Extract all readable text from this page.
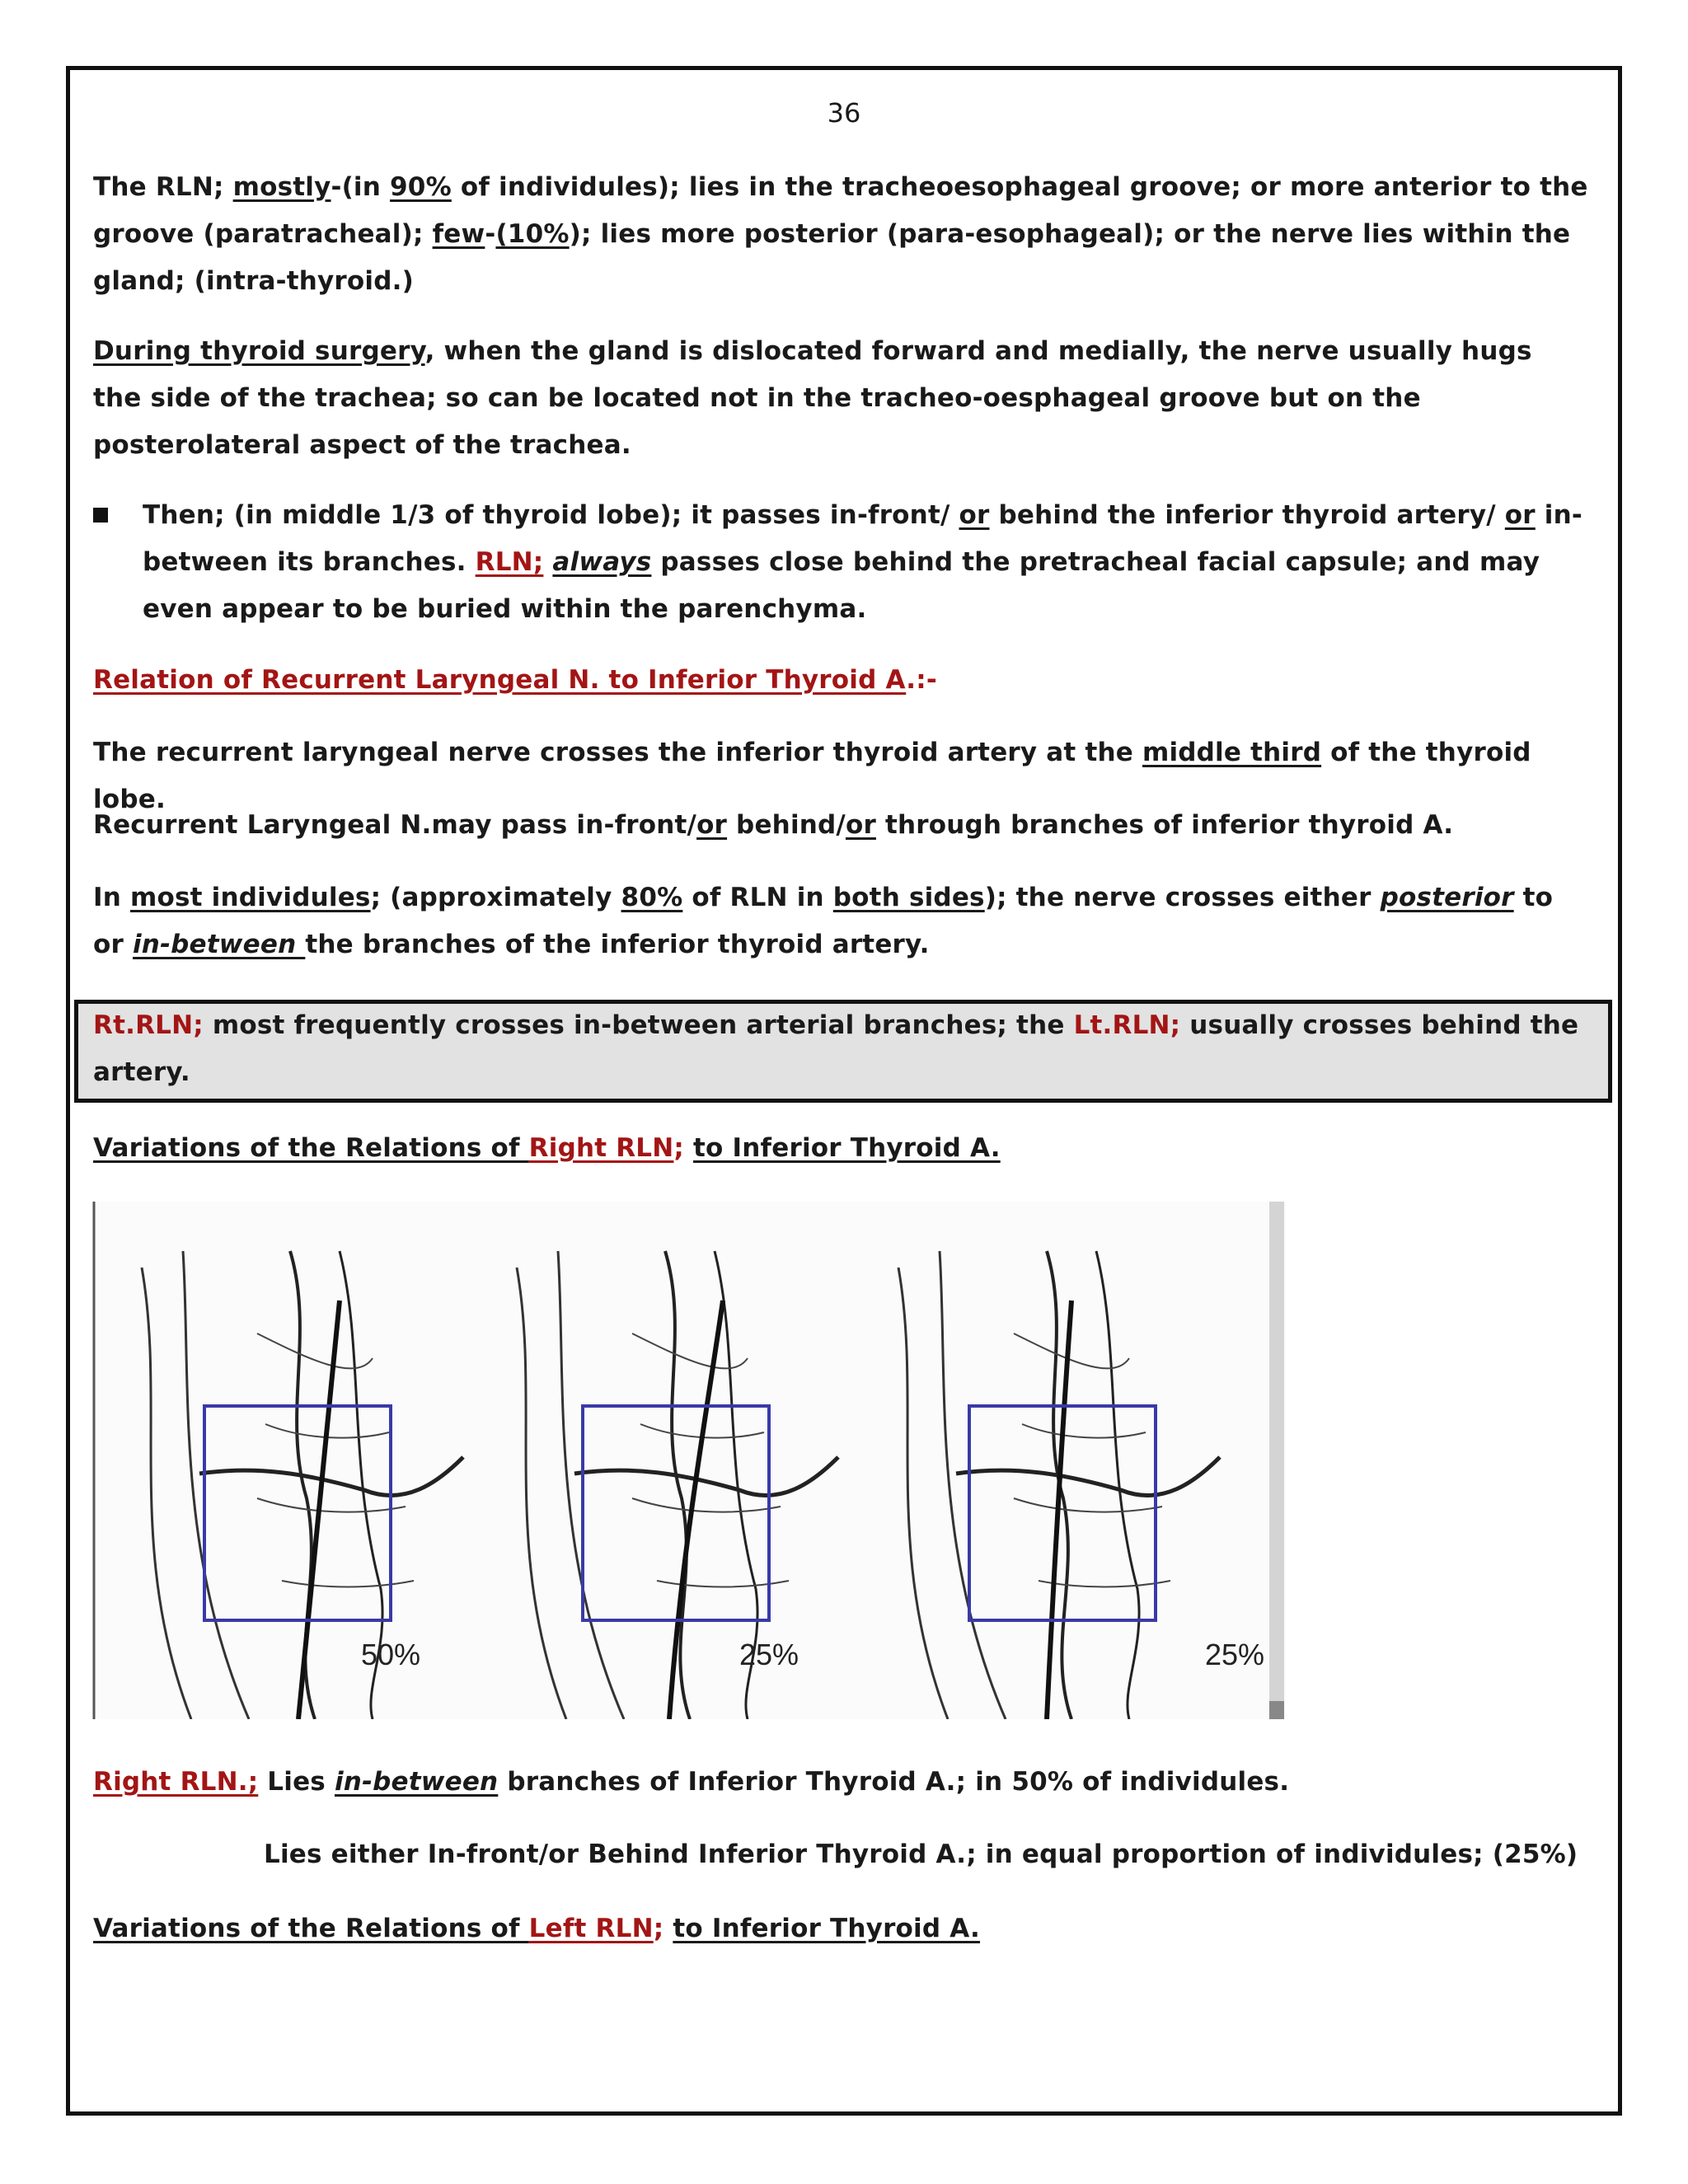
36
The RLN; mostly-(in 90% of individules); lies in the tracheoesophageal groove; or more anterior to the groove (paratracheal); few-(10%); lies more posterior (para-esophageal); or the nerve lies within the gland; (intra-thyroid.)
During thyroid surgery, when the gland is dislocated forward and medially, the nerve usually hugs the side of the trachea; so can be located not in the tracheo-oesphageal groove but on the posterolateral aspect of the trachea.
Then; (in middle 1/3 of thyroid lobe); it passes in-front/ or behind the inferior thyroid artery/ or in-between its branches. RLN; always passes close behind the pretracheal facial capsule; and may even appear to be buried within the parenchyma.
Relation of Recurrent Laryngeal N. to Inferior Thyroid A.:-
The recurrent laryngeal nerve crosses the inferior thyroid artery at the middle third of the thyroid lobe.
Recurrent Laryngeal N.may pass in-front/or behind/or through branches of inferior thyroid A.
In most individules; (approximately 80% of RLN in both sides); the nerve crosses either posterior to or in-between the branches of the inferior thyroid artery.
Rt.RLN; most frequently crosses in-between arterial branches; the Lt.RLN; usually crosses behind the artery.
Variations of the Relations of Right RLN; to Inferior Thyroid A.
50%	25%	25%
Right RLN.; Lies in-between branches of Inferior Thyroid A.; in 50% of individules.
Lies either In-front/or Behind Inferior Thyroid A.; in equal proportion of individules; (25%)
Variations of the Relations of Left RLN; to Inferior Thyroid A.
